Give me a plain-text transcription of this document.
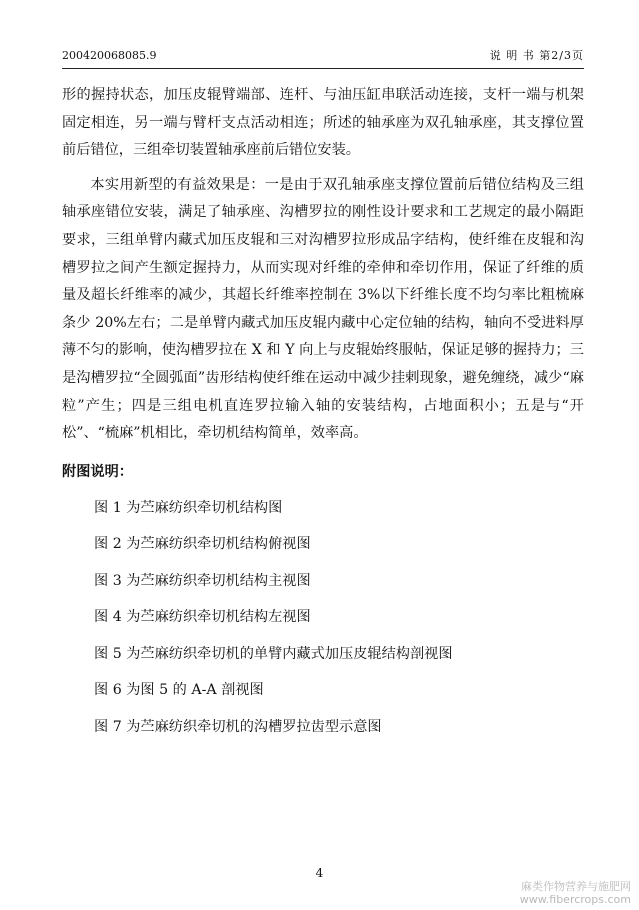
200420068085.9	说 明 书 第2/3页

形的握持状态，加压皮辊臂端部、连杆、与油压缸串联活动连接，支杆一端与机架固定相连，另一端与臂杆支点活动相连；所述的轴承座为双孔轴承座，其支撑位置前后错位，三组牵切装置轴承座前后错位安装。

本实用新型的有益效果是：一是由于双孔轴承座支撑位置前后错位结构及三组轴承座错位安装，满足了轴承座、沟槽罗拉的刚性设计要求和工艺规定的最小隔距要求，三组单臂内藏式加压皮辊和三对沟槽罗拉形成品字结构，使纤维在皮辊和沟槽罗拉之间产生额定握持力，从而实现对纤维的牵伸和牵切作用，保证了纤维的质量及超长纤维率的减少，其超长纤维率控制在 3%以下纤维长度不均匀率比粗梳麻条少 20%左右；二是单臂内藏式加压皮辊内藏中心定位轴的结构，轴向不受进料厚薄不匀的影响，使沟槽罗拉在 X 和 Y 向上与皮辊始终服帖，保证足够的握持力；三是沟槽罗拉“全圆弧面”齿形结构使纤维在运动中减少挂剌现象，避免缠绕，减少“麻粒”产生；四是三组电机直连罗拉输入轴的安装结构，占地面积小；五是与“开松”、“梳麻”机相比，牵切机结构简单，效率高。

附图说明：

图 1 为苎麻纺织牵切机结构图

图 2 为苎麻纺织牵切机结构俯视图

图 3 为苎麻纺织牵切机结构主视图

图 4 为苎麻纺织牵切机结构左视图

图 5 为苎麻纺织牵切机的单臂内藏式加压皮辊结构剖视图

图 6 为图 5 的 A-A 剖视图

图 7 为苎麻纺织牵切机的沟槽罗拉齿型示意图

4
麻类作物营养与施肥网
www.fibercrops.com
